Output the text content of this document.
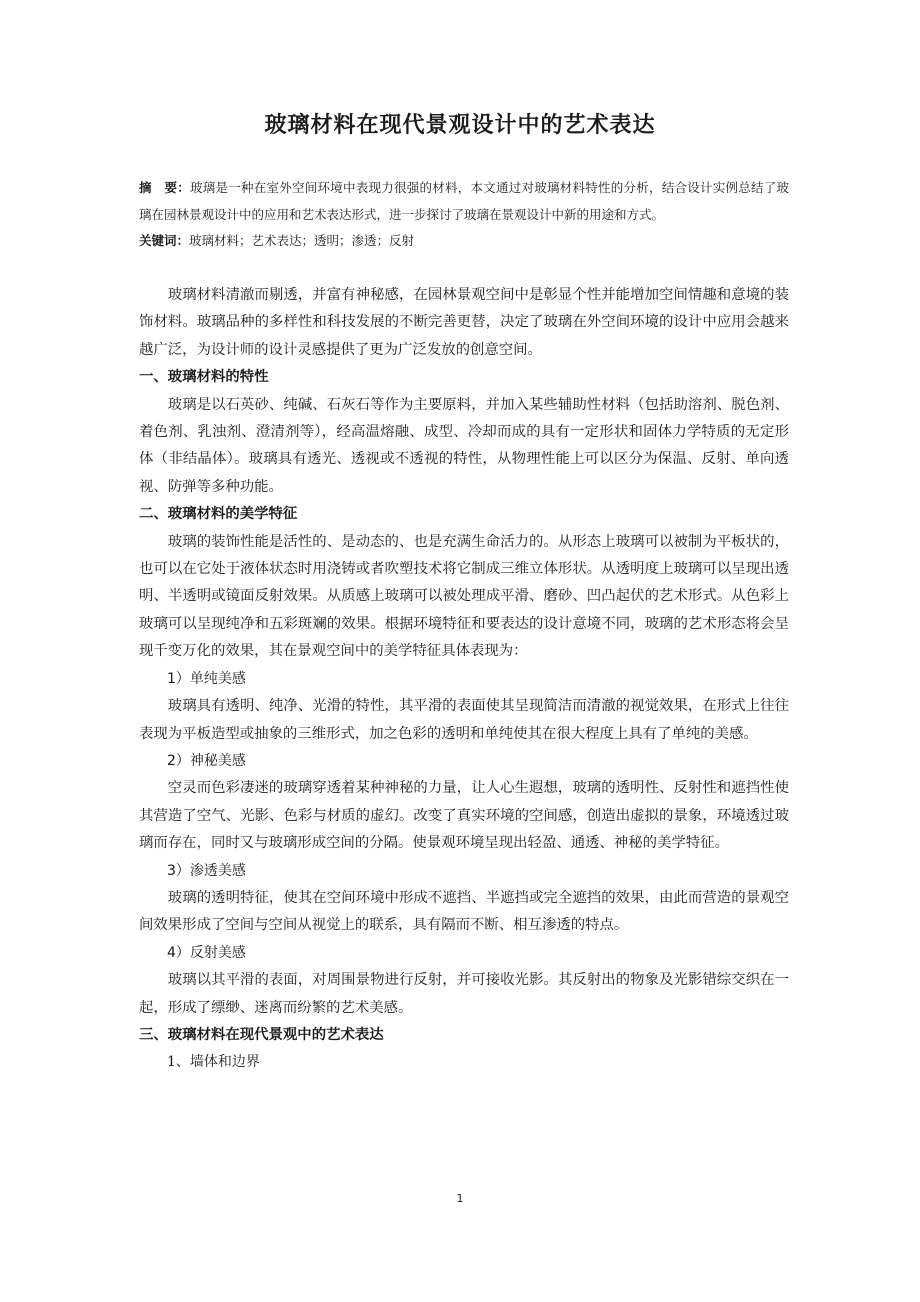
玻璃材料在现代景观设计中的艺术表达
摘　要：玻璃是一种在室外空间环境中表现力很强的材料，本文通过对玻璃材料特性的分析，结合设计实例总结了玻璃在园林景观设计中的应用和艺术表达形式，进一步探讨了玻璃在景观设计中新的用途和方式。
关键词：玻璃材料；艺术表达；透明；渗透；反射

玻璃材料清澈而剔透，并富有神秘感，在园林景观空间中是彰显个性并能增加空间情趣和意境的装饰材料。玻璃品种的多样性和科技发展的不断完善更替，决定了玻璃在外空间环境的设计中应用会越来越广泛，为设计师的设计灵感提供了更为广泛发放的创意空间。

一、玻璃材料的特性

玻璃是以石英砂、纯碱、石灰石等作为主要原料，并加入某些辅助性材料（包括助溶剂、脱色剂、着色剂、乳浊剂、澄清剂等），经高温熔融、成型、冷却而成的具有一定形状和固体力学特质的无定形体（非结晶体）。玻璃具有透光、透视或不透视的特性，从物理性能上可以区分为保温、反射、单向透视、防弹等多种功能。

二、玻璃材料的美学特征

玻璃的装饰性能是活性的、是动态的、也是充满生命活力的。从形态上玻璃可以被制为平板状的，也可以在它处于液体状态时用浇铸或者吹塑技术将它制成三维立体形状。从透明度上玻璃可以呈现出透明、半透明或镜面反射效果。从质感上玻璃可以被处理成平滑、磨砂、凹凸起伏的艺术形式。从色彩上玻璃可以呈现纯净和五彩斑斓的效果。根据环境特征和要表达的设计意境不同，玻璃的艺术形态将会呈现千变万化的效果，其在景观空间中的美学特征具体表现为：

1）单纯美感

玻璃具有透明、纯净、光滑的特性，其平滑的表面使其呈现简洁而清澈的视觉效果，在形式上往往表现为平板造型或抽象的三维形式，加之色彩的透明和单纯使其在很大程度上具有了单纯的美感。

2）神秘美感

空灵而色彩凄迷的玻璃穿透着某种神秘的力量，让人心生遐想，玻璃的透明性、反射性和遮挡性使其营造了空气、光影、色彩与材质的虚幻。改变了真实环境的空间感，创造出虚拟的景象，环境透过玻璃而存在，同时又与玻璃形成空间的分隔。使景观环境呈现出轻盈、通透、神秘的美学特征。

3）渗透美感

玻璃的透明特征，使其在空间环境中形成不遮挡、半遮挡或完全遮挡的效果，由此而营造的景观空间效果形成了空间与空间从视觉上的联系，具有隔而不断、相互渗透的特点。

4）反射美感

玻璃以其平滑的表面，对周围景物进行反射，并可接收光影。其反射出的物象及光影错综交织在一起，形成了缥缈、迷离而纷繁的艺术美感。

三、玻璃材料在现代景观中的艺术表达
1、墙体和边界
1
